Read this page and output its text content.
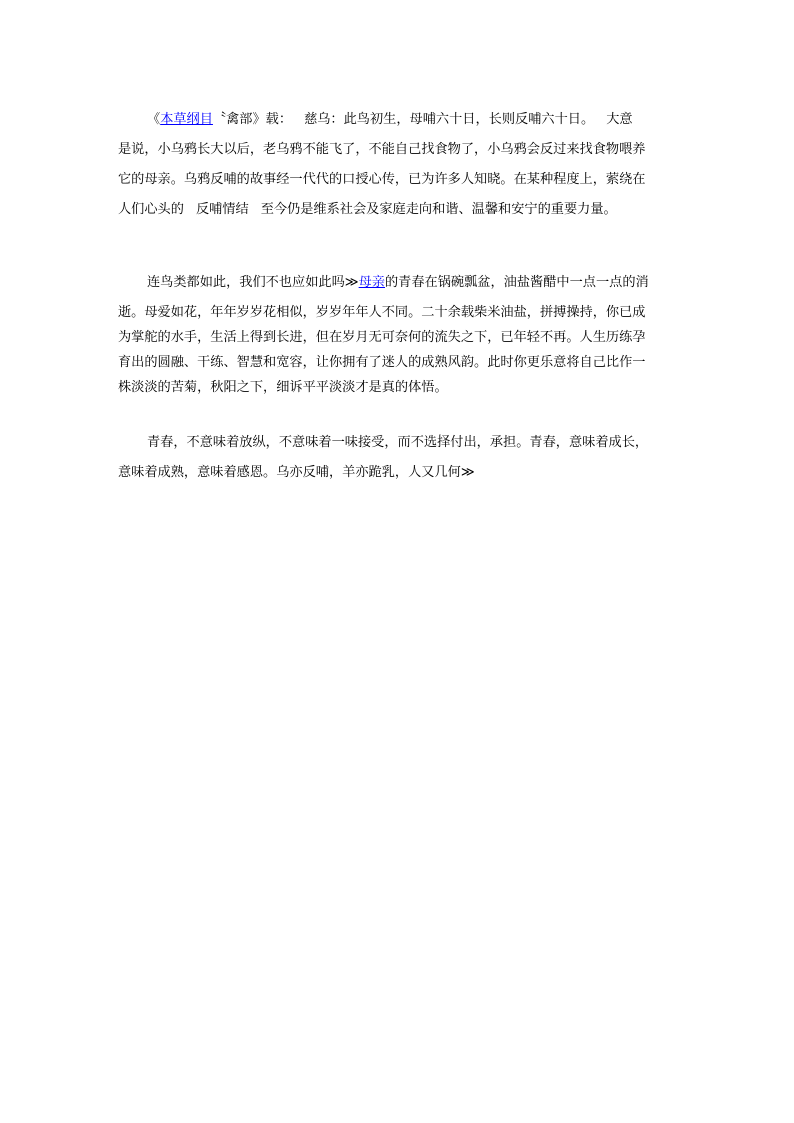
《本草纲目〝禽部》载： 慈乌：此鸟初生，母哺六十日，长则反哺六十日。 大意
是说，小乌鸦长大以后，老乌鸦不能飞了，不能自己找食物了，小乌鸦会反过来找食物喂养
它的母亲。乌鸦反哺的故事经一代代的口授心传，已为许多人知晓。在某种程度上，萦绕在
人们心头的 反哺情结 至今仍是维系社会及家庭走向和谐、温馨和安宁的重要力量。
连鸟类都如此，我们不也应如此吗≫母亲的青春在锅碗瓢盆，油盐酱醋中一点一点的消
逝。母爱如花，年年岁岁花相似，岁岁年年人不同。二十余载柴米油盐，拼搏操持，你已成
为掌舵的水手，生活上得到长进，但在岁月无可奈何的流失之下，已年轻不再。人生历练孕
育出的圆融、干练、智慧和宽容，让你拥有了迷人的成熟风韵。此时你更乐意将自己比作一
株淡淡的苦菊，秋阳之下，细诉平平淡淡才是真的体悟。
青春，不意味着放纵，不意味着一味接受，而不选择付出，承担。青春，意味着成长，
意味着成熟，意味着感恩。乌亦反哺，羊亦跪乳，人又几何≫
